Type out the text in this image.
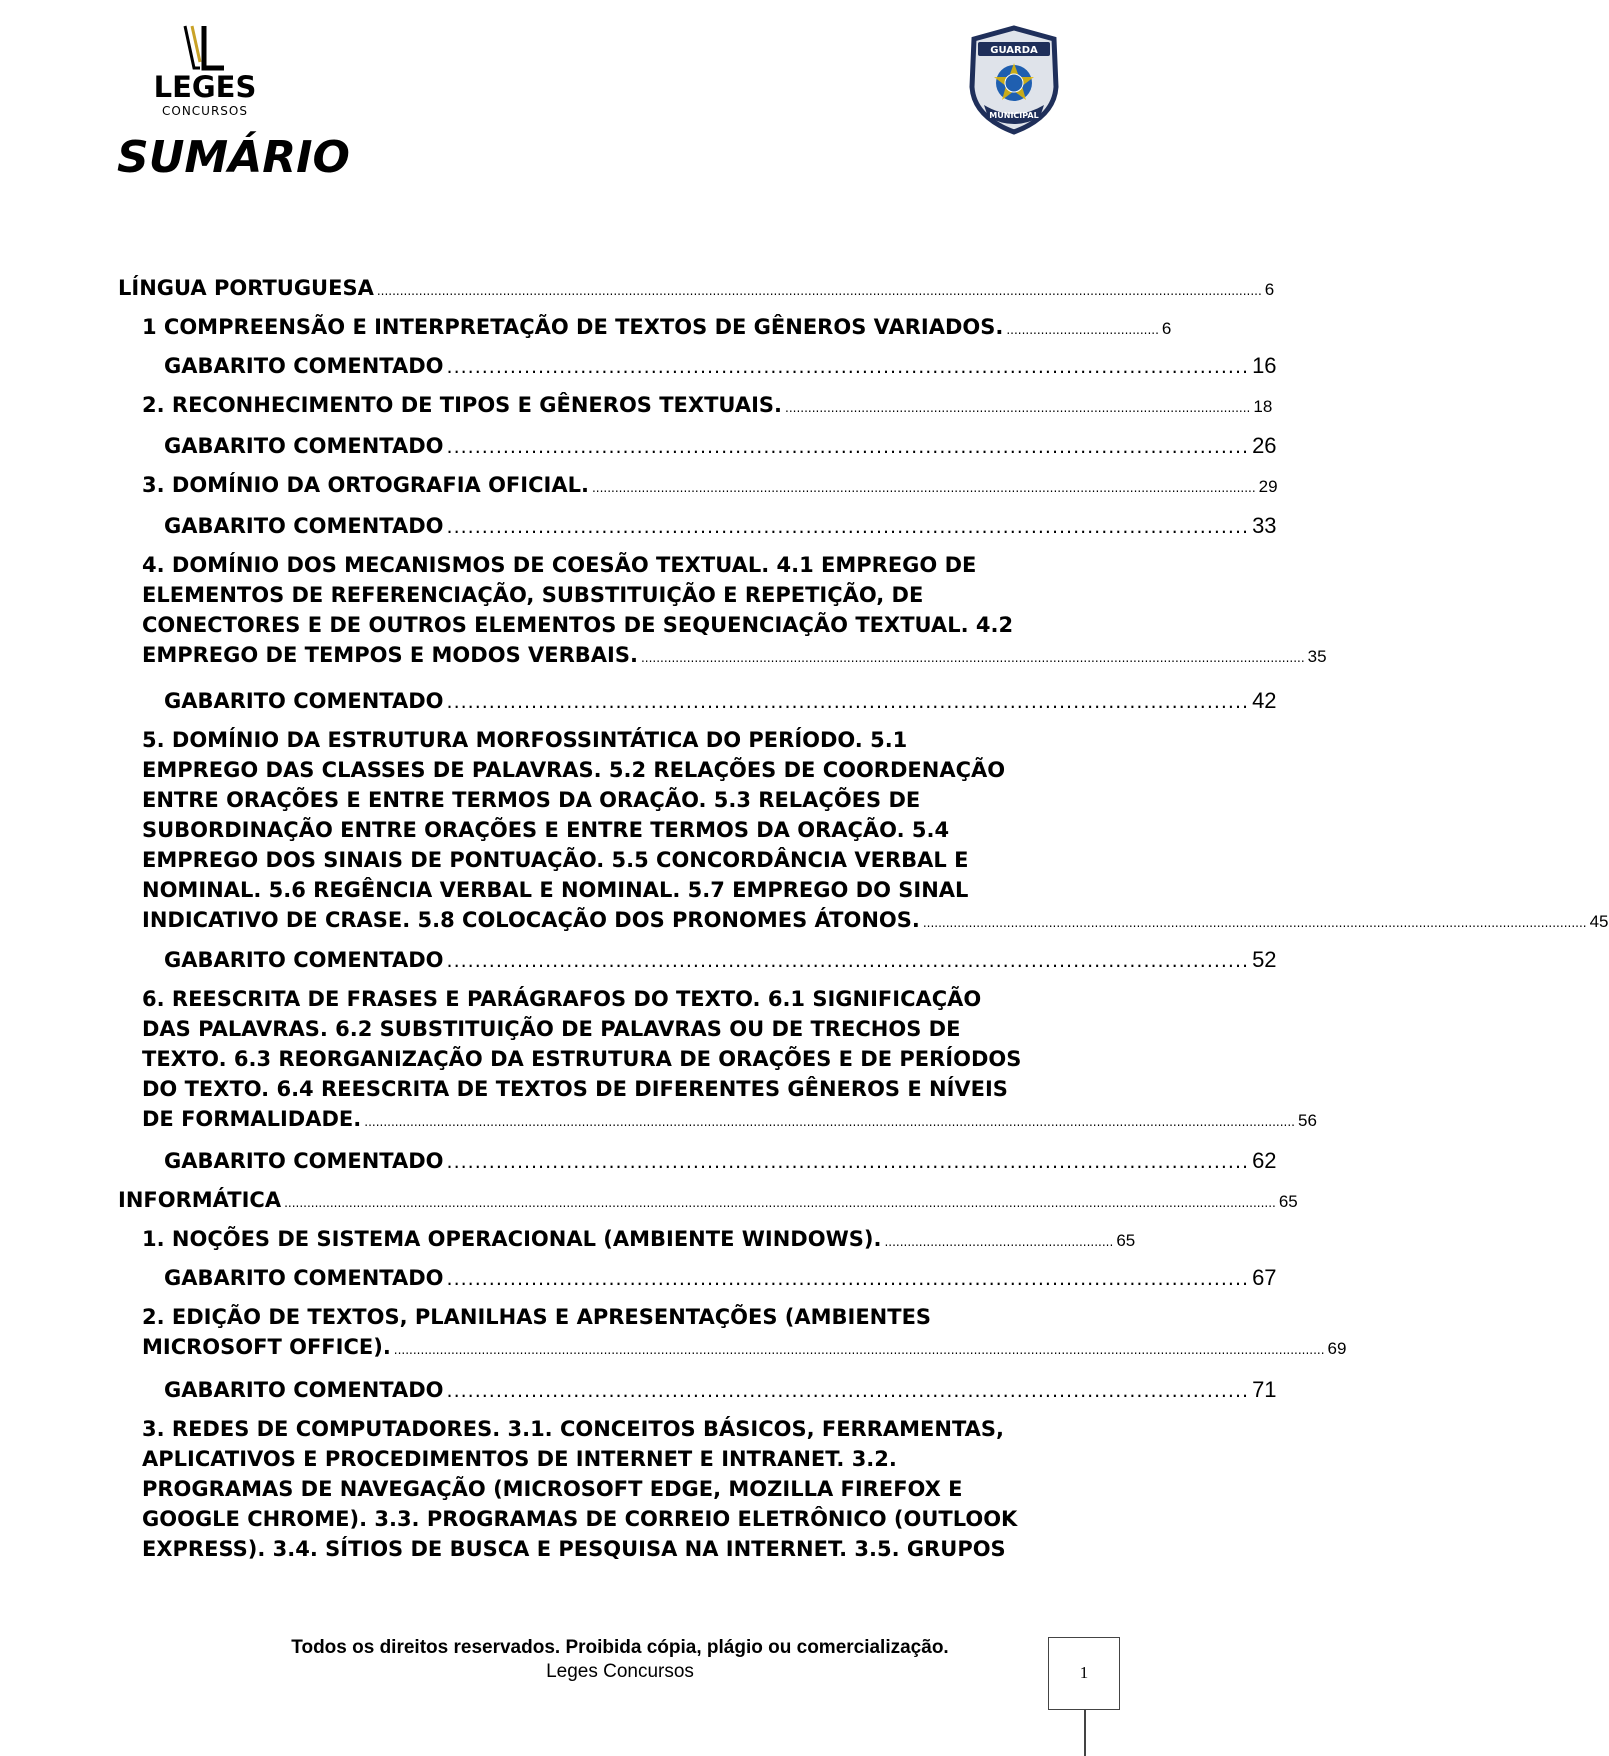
LEGES
CONCURSOS
GUARDA
MUNICIPAL
SUMÁRIO
LÍNGUA PORTUGUESA ........................................................................................................................................................................................................................................ 6
1 COMPREENSÃO E INTERPRETAÇÃO DE TEXTOS DE GÊNEROS VARIADOS. ........................................ 6
GABARITO COMENTADO .................................................................................................................. 16
2. RECONHECIMENTO DE TIPOS E GÊNEROS TEXTUAIS. .......................................................................................................................... 18
GABARITO COMENTADO .................................................................................................................. 26
3. DOMÍNIO DA ORTOGRAFIA OFICIAL. .............................................................................................................................................................................. 29
GABARITO COMENTADO .................................................................................................................. 33
4. DOMÍNIO DOS MECANISMOS DE COESÃO TEXTUAL. 4.1 EMPREGO DE
ELEMENTOS DE REFERENCIAÇÃO, SUBSTITUIÇÃO E REPETIÇÃO, DE
CONECTORES E DE OUTROS ELEMENTOS DE SEQUENCIAÇÃO TEXTUAL. 4.2
EMPREGO DE TEMPOS E MODOS VERBAIS. .............................................................................................................................................................................. 35
GABARITO COMENTADO .................................................................................................................. 42
5. DOMÍNIO DA ESTRUTURA MORFOSSINTÁTICA DO PERÍODO. 5.1
EMPREGO DAS CLASSES DE PALAVRAS. 5.2 RELAÇÕES DE COORDENAÇÃO
ENTRE ORAÇÕES E ENTRE TERMOS DA ORAÇÃO. 5.3 RELAÇÕES DE
SUBORDINAÇÃO ENTRE ORAÇÕES E ENTRE TERMOS DA ORAÇÃO. 5.4
EMPREGO DOS SINAIS DE PONTUAÇÃO. 5.5 CONCORDÂNCIA VERBAL E
NOMINAL. 5.6 REGÊNCIA VERBAL E NOMINAL. 5.7 EMPREGO DO SINAL
INDICATIVO DE CRASE. 5.8 COLOCAÇÃO DOS PRONOMES ÁTONOS. .............................................................................................................................................................................. 45
GABARITO COMENTADO .................................................................................................................. 52
6. REESCRITA DE FRASES E PARÁGRAFOS DO TEXTO. 6.1 SIGNIFICAÇÃO
DAS PALAVRAS. 6.2 SUBSTITUIÇÃO DE PALAVRAS OU DE TRECHOS DE
TEXTO. 6.3 REORGANIZAÇÃO DA ESTRUTURA DE ORAÇÕES E DE PERÍODOS
DO TEXTO. 6.4 REESCRITA DE TEXTOS DE DIFERENTES GÊNEROS E NÍVEIS
DE FORMALIDADE. .................................................................................................................................................................................................................................................... 56
GABARITO COMENTADO .................................................................................................................. 62
INFORMÁTICA .................................................................................................................................................................................................................................................................... 65
1. NOÇÕES DE SISTEMA OPERACIONAL (AMBIENTE WINDOWS). ............................................................ 65
GABARITO COMENTADO .................................................................................................................. 67
2. EDIÇÃO DE TEXTOS, PLANILHAS E APRESENTAÇÕES (AMBIENTES
MICROSOFT OFFICE). .................................................................................................................................................................................................................................................... 69
GABARITO COMENTADO .................................................................................................................. 71
3. REDES DE COMPUTADORES. 3.1. CONCEITOS BÁSICOS, FERRAMENTAS,
APLICATIVOS E PROCEDIMENTOS DE INTERNET E INTRANET. 3.2.
PROGRAMAS DE NAVEGAÇÃO (MICROSOFT EDGE, MOZILLA FIREFOX E
GOOGLE CHROME). 3.3. PROGRAMAS DE CORREIO ELETRÔNICO (OUTLOOK
EXPRESS). 3.4. SÍTIOS DE BUSCA E PESQUISA NA INTERNET. 3.5. GRUPOS
Todos os direitos reservados. Proibida cópia, plágio ou comercialização.
Leges Concursos	1
